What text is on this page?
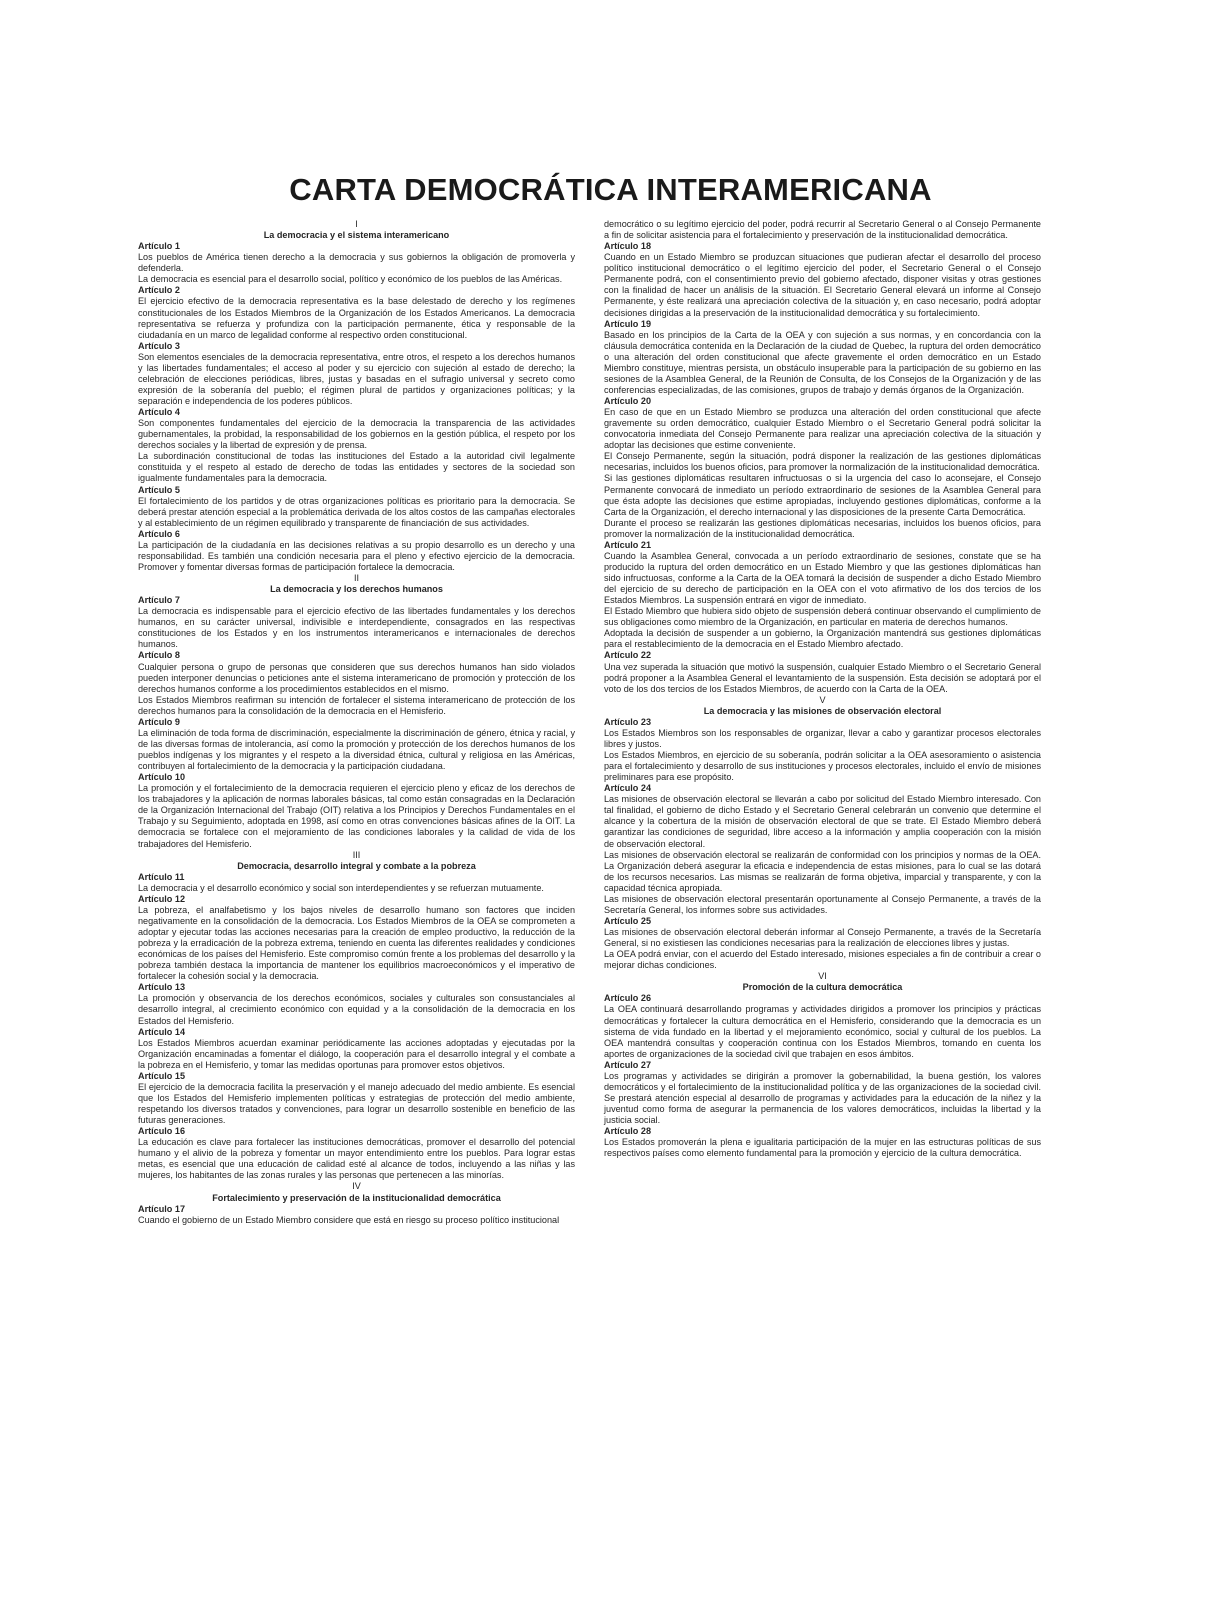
CARTA DEMOCRÁTICA INTERAMERICANA

I

La democracia y el sistema interamericano

Artículo 1

Los pueblos de América tienen derecho a la democracia y sus gobiernos la obligación de promoverla y defenderla.

La democracia es esencial para el desarrollo social, político y económico de los pueblos de las Américas.

Artículo 2

El ejercicio efectivo de la democracia representativa es la base delestado de derecho y los regímenes constitucionales de los Estados Miembros de la Organización de los Estados Americanos. La democracia representativa se refuerza y profundiza con la participación permanente, ética y responsable de la ciudadanía en un marco de legalidad conforme al respectivo orden constitucional.

Artículo 3

Son elementos esenciales de la democracia representativa, entre otros, el respeto a los derechos humanos y las libertades fundamentales; el acceso al poder y su ejercicio con sujeción al estado de derecho; la celebración de elecciones periódicas, libres, justas y basadas en el sufragio universal y secreto como expresión de la soberanía del pueblo; el régimen plural de partidos y organizaciones políticas; y la separación e independencia de los poderes públicos.

Artículo 4

Son componentes fundamentales del ejercicio de la democracia la transparencia de las actividades gubernamentales, la probidad, la responsabilidad de los gobiernos en la gestión pública, el respeto por los derechos sociales y la libertad de expresión y de prensa.

La subordinación constitucional de todas las instituciones del Estado a la autoridad civil legalmente constituida y el respeto al estado de derecho de todas las entidades y sectores de la sociedad son igualmente fundamentales para la democracia.

Artículo 5

El fortalecimiento de los partidos y de otras organizaciones políticas es prioritario para la democracia. Se deberá prestar atención especial a la problemática derivada de los altos costos de las campañas electorales y al establecimiento de un régimen equilibrado y transparente de financiación de sus actividades.

Artículo 6

La participación de la ciudadanía en las decisiones relativas a su propio desarrollo es un derecho y una responsabilidad. Es también una condición necesaria para el pleno y efectivo ejercicio de la democracia. Promover y fomentar diversas formas de participación fortalece la democracia.

II

La democracia y los derechos humanos

Artículo 7

La democracia es indispensable para el ejercicio efectivo de las libertades fundamentales y los derechos humanos, en su carácter universal, indivisible e interdependiente, consagrados en las respectivas constituciones de los Estados y en los instrumentos interamericanos e internacionales de derechos humanos.

Artículo 8

Cualquier persona o grupo de personas que consideren que sus derechos humanos han sido violados pueden interponer denuncias o peticiones ante el sistema interamericano de promoción y protección de los derechos humanos conforme a los procedimientos establecidos en el mismo.

Los Estados Miembros reafirman su intención de fortalecer el sistema interamericano de protección de los derechos humanos para la consolidación de la democracia en el Hemisferio.

Artículo 9

La eliminación de toda forma de discriminación, especialmente la discriminación de género, étnica y racial, y de las diversas formas de intolerancia, así como la promoción y protección de los derechos humanos de los pueblos indígenas y los migrantes y el respeto a la diversidad étnica, cultural y religiosa en las Américas, contribuyen al fortalecimiento de la democracia y la participación ciudadana.

Artículo 10

La promoción y el fortalecimiento de la democracia requieren el ejercicio pleno y eficaz de los derechos de los trabajadores y la aplicación de normas laborales básicas, tal como están consagradas en la Declaración de la Organización Internacional del Trabajo (OIT) relativa a los Principios y Derechos Fundamentales en el Trabajo y su Seguimiento, adoptada en 1998, así como en otras convenciones básicas afines de la OIT. La democracia se fortalece con el mejoramiento de las condiciones laborales y la calidad de vida de los trabajadores del Hemisferio.

III

Democracia, desarrollo integral y combate a la pobreza

Artículo 11

La democracia y el desarrollo económico y social son interdependientes y se refuerzan mutuamente.

Artículo 12

La pobreza, el analfabetismo y los bajos niveles de desarrollo humano son factores que inciden negativamente en la consolidación de la democracia. Los Estados Miembros de la OEA se comprometen a adoptar y ejecutar todas las acciones necesarias para la creación de empleo productivo, la reducción de la pobreza y la erradicación de la pobreza extrema, teniendo en cuenta las diferentes realidades y condiciones económicas de los países del Hemisferio. Este compromiso común frente a los problemas del desarrollo y la pobreza también destaca la importancia de mantener los equilibrios macroeconómicos y el imperativo de fortalecer la cohesión social y la democracia.

Artículo 13

La promoción y observancia de los derechos económicos, sociales y culturales son consustanciales al desarrollo integral, al crecimiento económico con equidad y a la consolidación de la democracia en los Estados del Hemisferio.

Artículo 14

Los Estados Miembros acuerdan examinar periódicamente las acciones adoptadas y ejecutadas por la Organización encaminadas a fomentar el diálogo, la cooperación para el desarrollo integral y el combate a la pobreza en el Hemisferio, y tomar las medidas oportunas para promover estos objetivos.

Artículo 15

El ejercicio de la democracia facilita la preservación y el manejo adecuado del medio ambiente. Es esencial que los Estados del Hemisferio implementen políticas y estrategias de protección del medio ambiente, respetando los diversos tratados y convenciones, para lograr un desarrollo sostenible en beneficio de las futuras generaciones.

Artículo 16

La educación es clave para fortalecer las instituciones democráticas, promover el desarrollo del potencial humano y el alivio de la pobreza y fomentar un mayor entendimiento entre los pueblos. Para lograr estas metas, es esencial que una educación de calidad esté al alcance de todos, incluyendo a las niñas y las mujeres, los habitantes de las zonas rurales y las personas que pertenecen a las minorías.

IV

Fortalecimiento y preservación de la institucionalidad democrática

Artículo 17

Cuando el gobierno de un Estado Miembro considere que está en riesgo su proceso político institucional

democrático o su legítimo ejercicio del poder, podrá recurrir al Secretario General o al Consejo Permanente a fin de solicitar asistencia para el fortalecimiento y preservación de la institucionalidad democrática.

Artículo 18

Cuando en un Estado Miembro se produzcan situaciones que pudieran afectar el desarrollo del proceso político institucional democrático o el legítimo ejercicio del poder, el Secretario General o el Consejo Permanente podrá, con el consentimiento previo del gobierno afectado, disponer visitas y otras gestiones con la finalidad de hacer un análisis de la situación. El Secretario General elevará un informe al Consejo Permanente, y éste realizará una apreciación colectiva de la situación y, en caso necesario, podrá adoptar decisiones dirigidas a la preservación de la institucionalidad democrática y su fortalecimiento.

Artículo 19

Basado en los principios de la Carta de la OEA y con sujeción a sus normas, y en concordancia con la cláusula democrática contenida en la Declaración de la ciudad de Quebec, la ruptura del orden democrático o una alteración del orden constitucional que afecte gravemente el orden democrático en un Estado Miembro constituye, mientras persista, un obstáculo insuperable para la participación de su gobierno en las sesiones de la Asamblea General, de la Reunión de Consulta, de los Consejos de la Organización y de las conferencias especializadas, de las comisiones, grupos de trabajo y demás órganos de la Organización.

Artículo 20

En caso de que en un Estado Miembro se produzca una alteración del orden constitucional que afecte gravemente su orden democrático, cualquier Estado Miembro o el Secretario General podrá solicitar la convocatoria inmediata del Consejo Permanente para realizar una apreciación colectiva de la situación y adoptar las decisiones que estime conveniente.

El Consejo Permanente, según la situación, podrá disponer la realización de las gestiones diplomáticas necesarias, incluidos los buenos oficios, para promover la normalización de la institucionalidad democrática.

Si las gestiones diplomáticas resultaren infructuosas o si la urgencia del caso lo aconsejare, el Consejo Permanente convocará de inmediato un período extraordinario de sesiones de la Asamblea General para que ésta adopte las decisiones que estime apropiadas, incluyendo gestiones diplomáticas, conforme a la Carta de la Organización, el derecho internacional y las disposiciones de la presente Carta Democrática.

Durante el proceso se realizarán las gestiones diplomáticas necesarias, incluidos los buenos oficios, para promover la normalización de la institucionalidad democrática.

Artículo 21

Cuando la Asamblea General, convocada a un período extraordinario de sesiones, constate que se ha producido la ruptura del orden democrático en un Estado Miembro y que las gestiones diplomáticas han sido infructuosas, conforme a la Carta de la OEA tomará la decisión de suspender a dicho Estado Miembro del ejercicio de su derecho de participación en la OEA con el voto afirmativo de los dos tercios de los Estados Miembros. La suspensión entrará en vigor de inmediato.

El Estado Miembro que hubiera sido objeto de suspensión deberá continuar observando el cumplimiento de sus obligaciones como miembro de la Organización, en particular en materia de derechos humanos.

Adoptada la decisión de suspender a un gobierno, la Organización mantendrá sus gestiones diplomáticas para el restablecimiento de la democracia en el Estado Miembro afectado.

Artículo 22

Una vez superada la situación que motivó la suspensión, cualquier Estado Miembro o el Secretario General podrá proponer a la Asamblea General el levantamiento de la suspensión. Esta decisión se adoptará por el voto de los dos tercios de los Estados Miembros, de acuerdo con la Carta de la OEA.

V

La democracia y las misiones de observación electoral

Artículo 23

Los Estados Miembros son los responsables de organizar, llevar a cabo y garantizar procesos electorales libres y justos.

Los Estados Miembros, en ejercicio de su soberanía, podrán solicitar a la OEA asesoramiento o asistencia para el fortalecimiento y desarrollo de sus instituciones y procesos electorales, incluido el envío de misiones preliminares para ese propósito.

Artículo 24

Las misiones de observación electoral se llevarán a cabo por solicitud del Estado Miembro interesado. Con tal finalidad, el gobierno de dicho Estado y el Secretario General celebrarán un convenio que determine el alcance y la cobertura de la misión de observación electoral de que se trate. El Estado Miembro deberá garantizar las condiciones de seguridad, libre acceso a la información y amplia cooperación con la misión de observación electoral.

Las misiones de observación electoral se realizarán de conformidad con los principios y normas de la OEA. La Organización deberá asegurar la eficacia e independencia de estas misiones, para lo cual se las dotará de los recursos necesarios. Las mismas se realizarán de forma objetiva, imparcial y transparente, y con la capacidad técnica apropiada.

Las misiones de observación electoral presentarán oportunamente al Consejo Permanente, a través de la Secretaría General, los informes sobre sus actividades.

Artículo 25

Las misiones de observación electoral deberán informar al Consejo Permanente, a través de la Secretaría General, si no existiesen las condiciones necesarias para la realización de elecciones libres y justas.

La OEA podrá enviar, con el acuerdo del Estado interesado, misiones especiales a fin de contribuir a crear o mejorar dichas condiciones.

VI

Promoción de la cultura democrática

Artículo 26

La OEA continuará desarrollando programas y actividades dirigidos a promover los principios y prácticas democráticas y fortalecer la cultura democrática en el Hemisferio, considerando que la democracia es un sistema de vida fundado en la libertad y el mejoramiento económico, social y cultural de los pueblos. La OEA mantendrá consultas y cooperación continua con los Estados Miembros, tomando en cuenta los aportes de organizaciones de la sociedad civil que trabajen en esos ámbitos.

Artículo 27

Los programas y actividades se dirigirán a promover la gobernabilidad, la buena gestión, los valores democráticos y el fortalecimiento de la institucionalidad política y de las organizaciones de la sociedad civil. Se prestará atención especial al desarrollo de programas y actividades para la educación de la niñez y la juventud como forma de asegurar la permanencia de los valores democráticos, incluidas la libertad y la justicia social.

Artículo 28

Los Estados promoverán la plena e igualitaria participación de la mujer en las estructuras políticas de sus respectivos países como elemento fundamental para la promoción y ejercicio de la cultura democrática.
